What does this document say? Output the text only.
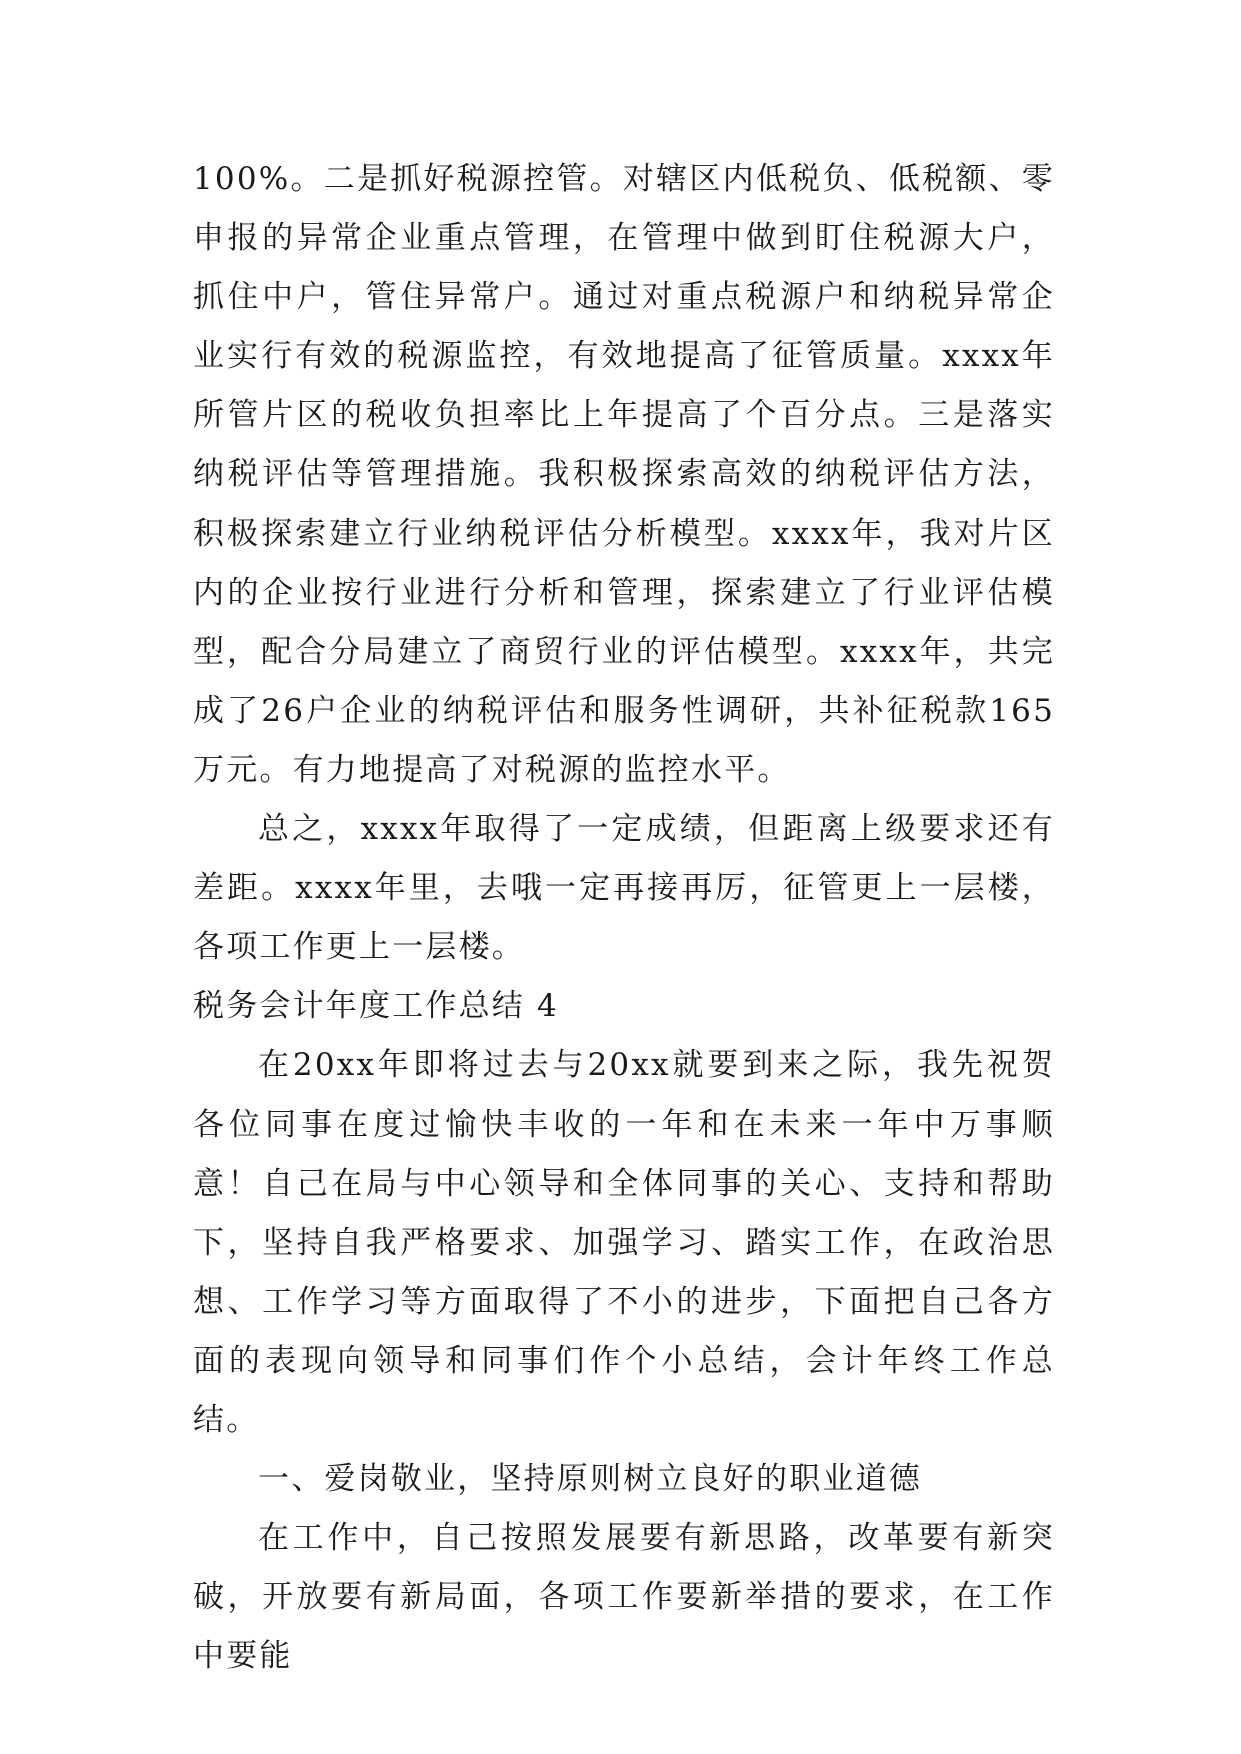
100%。二是抓好税源控管。对辖区内低税负、低税额、零申报的异常企业重点管理，在管理中做到盯住税源大户，抓住中户，管住异常户。通过对重点税源户和纳税异常企业实行有效的税源监控，有效地提高了征管质量。xxxx年所管片区的税收负担率比上年提高了个百分点。三是落实纳税评估等管理措施。我积极探索高效的纳税评估方法，积极探索建立行业纳税评估分析模型。xxxx年，我对片区内的企业按行业进行分析和管理，探索建立了行业评估模型，配合分局建立了商贸行业的评估模型。xxxx年，共完成了26户企业的纳税评估和服务性调研，共补征税款165万元。有力地提高了对税源的监控水平。

总之，xxxx年取得了一定成绩，但距离上级要求还有差距。xxxx年里，去哦一定再接再厉，征管更上一层楼，各项工作更上一层楼。

税务会计年度工作总结 4

在20xx年即将过去与20xx就要到来之际，我先祝贺各位同事在度过愉快丰收的一年和在未来一年中万事顺意！自己在局与中心领导和全体同事的关心、支持和帮助下，坚持自我严格要求、加强学习、踏实工作，在政治思想、工作学习等方面取得了不小的进步，下面把自己各方面的表现向领导和同事们作个小总结，会计年终工作总结。

一、爱岗敬业，坚持原则树立良好的职业道德

在工作中，自己按照发展要有新思路，改革要有新突破，开放要有新局面，各项工作要新举措的要求，在工作中要能
